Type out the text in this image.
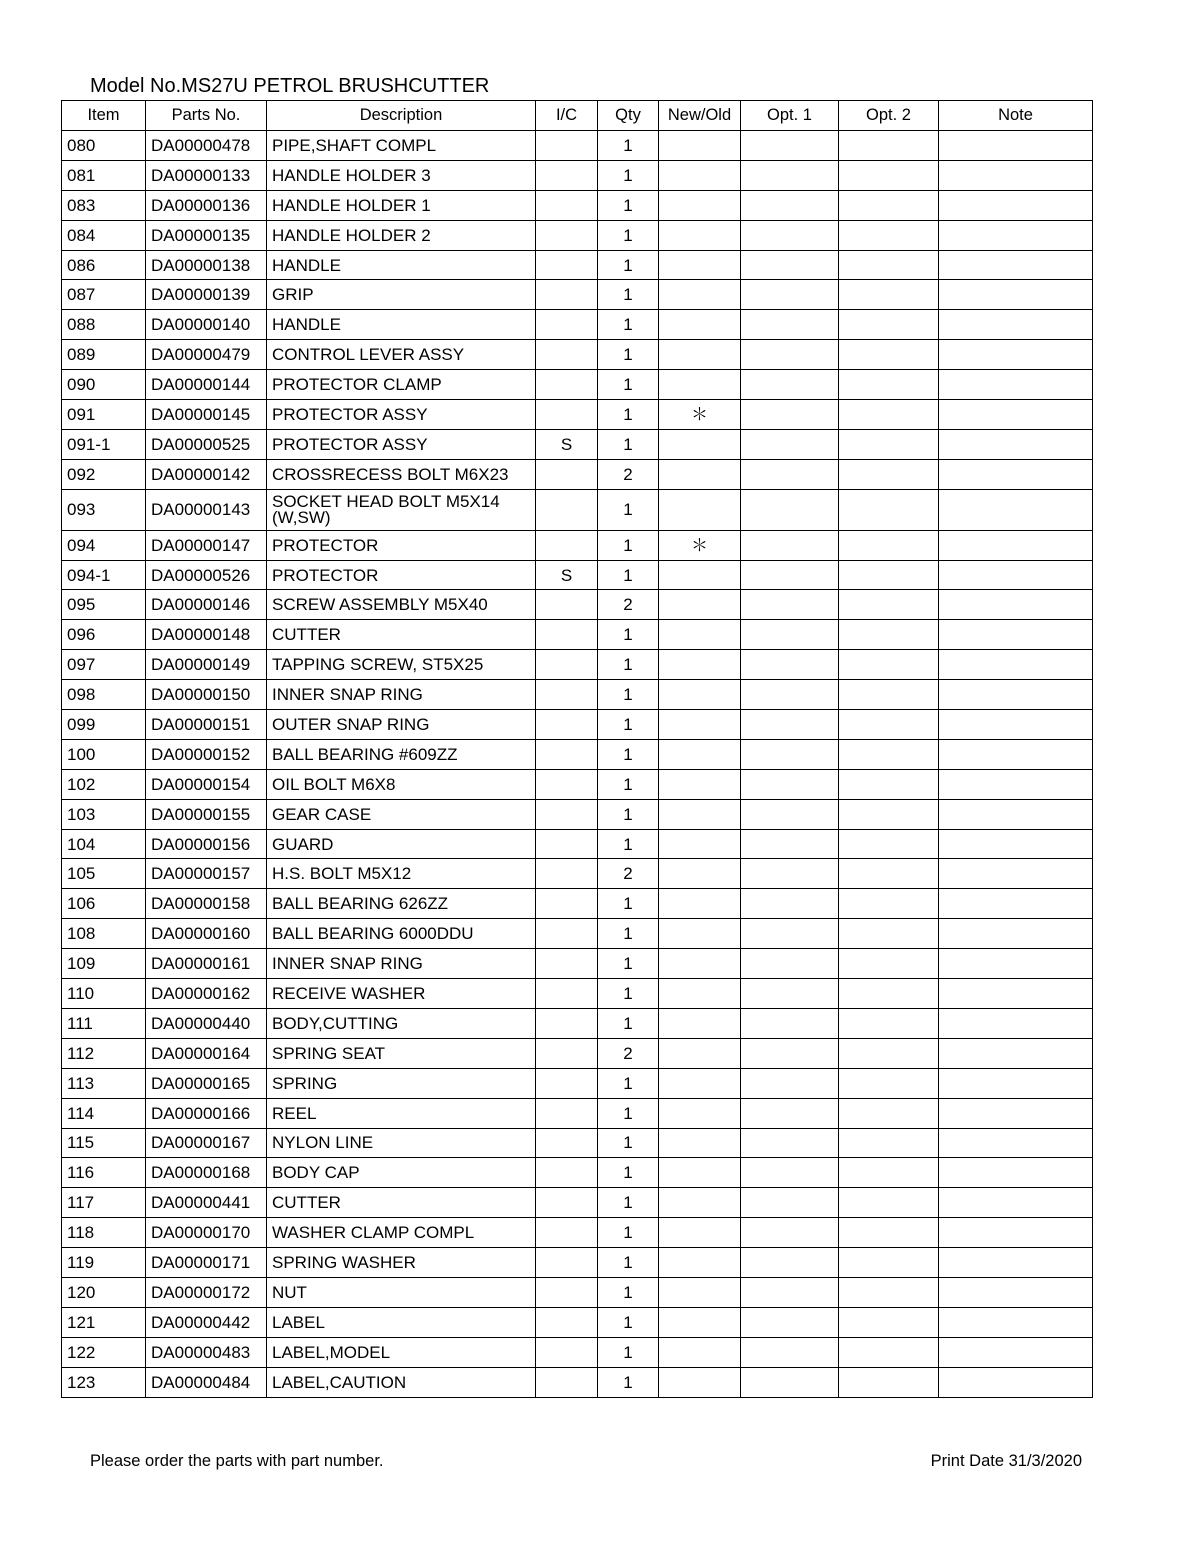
Model No.MS27U PETROL BRUSHCUTTER
Item	Parts No.	Description	I/C	Qty	New/Old	Opt. 1	Opt. 2	Note
080	DA00000478	PIPE,SHAFT COMPL		1				
081	DA00000133	HANDLE HOLDER 3		1				
083	DA00000136	HANDLE HOLDER 1		1				
084	DA00000135	HANDLE HOLDER 2		1				
086	DA00000138	HANDLE		1				
087	DA00000139	GRIP		1				
088	DA00000140	HANDLE		1				
089	DA00000479	CONTROL LEVER ASSY		1				
090	DA00000144	PROTECTOR CLAMP		1				
091	DA00000145	PROTECTOR ASSY		1	＊			
091-1	DA00000525	PROTECTOR ASSY	S	1				
092	DA00000142	CROSSRECESS BOLT M6X23		2				
093	DA00000143	SOCKET HEAD BOLT M5X14 (W,SW)		1				
094	DA00000147	PROTECTOR		1	＊			
094-1	DA00000526	PROTECTOR	S	1				
095	DA00000146	SCREW ASSEMBLY M5X40		2				
096	DA00000148	CUTTER		1				
097	DA00000149	TAPPING SCREW, ST5X25		1				
098	DA00000150	INNER SNAP RING		1				
099	DA00000151	OUTER SNAP RING		1				
100	DA00000152	BALL BEARING #609ZZ		1				
102	DA00000154	OIL BOLT M6X8		1				
103	DA00000155	GEAR CASE		1				
104	DA00000156	GUARD		1				
105	DA00000157	H.S. BOLT M5X12		2				
106	DA00000158	BALL BEARING 626ZZ		1				
108	DA00000160	BALL BEARING 6000DDU		1				
109	DA00000161	INNER SNAP RING		1				
110	DA00000162	RECEIVE WASHER		1				
111	DA00000440	BODY,CUTTING		1				
112	DA00000164	SPRING SEAT		2				
113	DA00000165	SPRING		1				
114	DA00000166	REEL		1				
115	DA00000167	NYLON LINE		1				
116	DA00000168	BODY CAP		1				
117	DA00000441	CUTTER		1				
118	DA00000170	WASHER CLAMP COMPL		1				
119	DA00000171	SPRING WASHER		1				
120	DA00000172	NUT		1				
121	DA00000442	LABEL		1				
122	DA00000483	LABEL,MODEL		1				
123	DA00000484	LABEL,CAUTION		1				
Please order the parts with part number.	Print Date 31/3/2020
